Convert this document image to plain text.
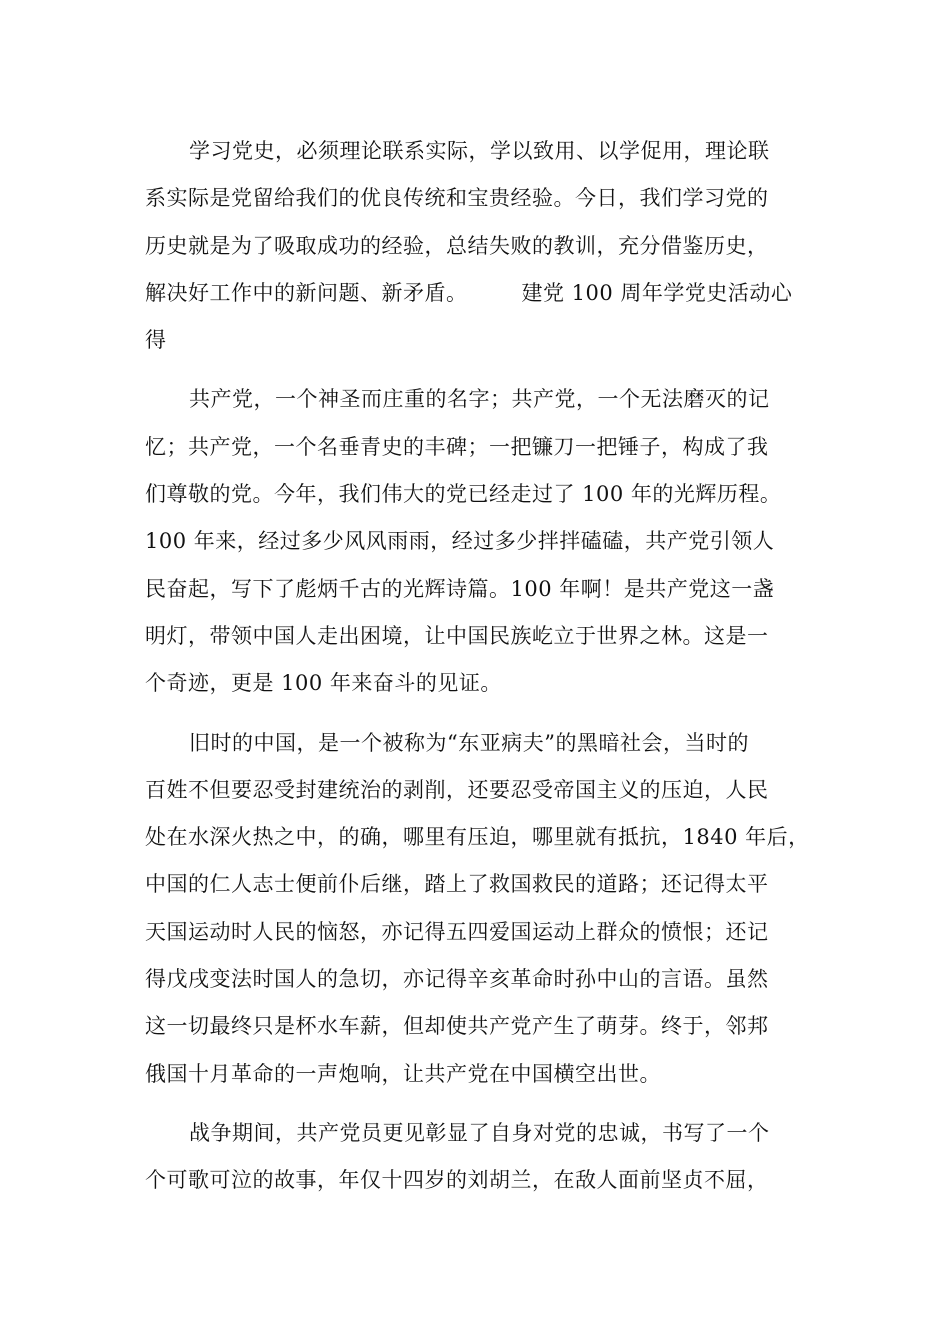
学习党史，必须理论联系实际，学以致用、以学促用，理论联
系实际是党留给我们的优良传统和宝贵经验。今日，我们学习党的
历史就是为了吸取成功的经验，总结失败的教训，充分借鉴历史，
解决好工作中的新问题、新矛盾。　　　建党 100 周年学党史活动心
得

共产党，一个神圣而庄重的名字；共产党，一个无法磨灭的记
忆；共产党，一个名垂青史的丰碑；一把镰刀一把锤子，构成了我
们尊敬的党。今年，我们伟大的党已经走过了 100 年的光辉历程。
100 年来，经过多少风风雨雨，经过多少拌拌磕磕，共产党引领人
民奋起，写下了彪炳千古的光辉诗篇。100 年啊！是共产党这一盏
明灯，带领中国人走出困境，让中国民族屹立于世界之林。这是一
个奇迹，更是 100 年来奋斗的见证。

旧时的中国，是一个被称为“东亚病夫”的黑暗社会，当时的
百姓不但要忍受封建统治的剥削，还要忍受帝国主义的压迫，人民
处在水深火热之中，的确，哪里有压迫，哪里就有抵抗，1840 年后，
中国的仁人志士便前仆后继，踏上了救国救民的道路；还记得太平
天国运动时人民的恼怒，亦记得五四爱国运动上群众的愤恨；还记
得戊戌变法时国人的急切，亦记得辛亥革命时孙中山的言语。虽然
这一切最终只是杯水车薪，但却使共产党产生了萌芽。终于，邻邦
俄国十月革命的一声炮响，让共产党在中国横空出世。

战争期间，共产党员更见彰显了自身对党的忠诚，书写了一个
个可歌可泣的故事，年仅十四岁的刘胡兰，在敌人面前坚贞不屈，
